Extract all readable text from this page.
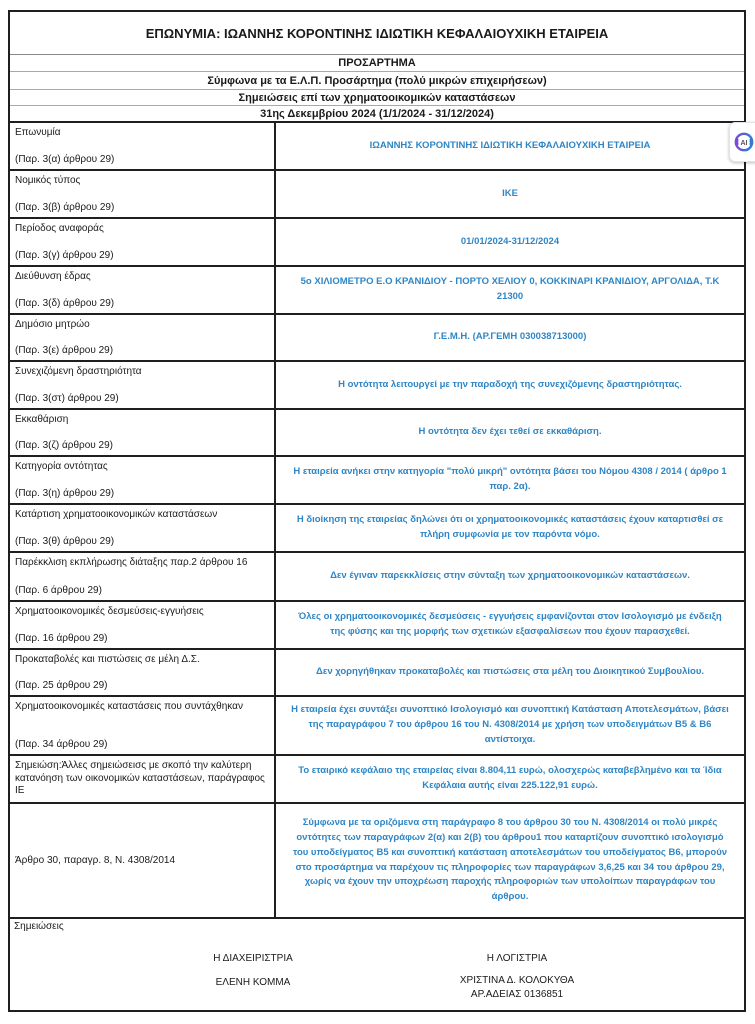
ΕΠΩΝΥΜΙΑ: ΙΩΑΝΝΗΣ ΚΟΡΟΝΤΙΝΗΣ ΙΔΙΩΤΙΚΗ ΚΕΦΑΛΑΙΟΥΧΙΚΗ ΕΤΑΙΡΕΙΑ
ΠΡΟΣΑΡΤΗΜΑ
Σύμφωνα με τα Ε.Λ.Π. Προσάρτημα (πολύ μικρών επιχειρήσεων)
Σημειώσεις επί των χρηματοοικομικών καταστάσεων
31ης Δεκεμβρίου 2024 (1/1/2024 - 31/12/2024)
Επωνυμία
(Παρ. 3(α) άρθρου 29)
ΙΩΑΝΝΗΣ ΚΟΡΟΝΤΙΝΗΣ ΙΔΙΩΤΙΚΗ ΚΕΦΑΛΑΙΟΥΧΙΚΗ ΕΤΑΙΡΕΙΑ
Νομικός τύπος
(Παρ. 3(β) άρθρου 29)
ΙΚΕ
Περίοδος αναφοράς
(Παρ. 3(γ) άρθρου 29)
01/01/2024-31/12/2024
Διεύθυνση έδρας
(Παρ. 3(δ) άρθρου 29)
5ο ΧΙΛΙΟΜΕΤΡΟ Ε.Ο ΚΡΑΝΙΔΙΟΥ - ΠΟΡΤΟ ΧΕΛΙΟΥ 0, ΚΟΚΚΙΝΑΡΙ ΚΡΑΝΙΔΙΟΥ, ΑΡΓΟΛΙΔΑ, Τ.Κ 21300
Δημόσιο μητρώο
(Παρ. 3(ε) άρθρου 29)
Γ.Ε.Μ.Η. (ΑΡ.ΓΕΜΗ 030038713000)
Συνεχιζόμενη δραστηριότητα
(Παρ. 3(στ) άρθρου 29)
Η οντότητα λειτουργεί με την παραδοχή της συνεχιζόμενης δραστηριότητας.
Εκκαθάριση
(Παρ. 3(ζ) άρθρου 29)
Η οντότητα δεν έχει τεθεί σε εκκαθάριση.
Κατηγορία οντότητας
(Παρ. 3(η) άρθρου 29)
Η εταιρεία ανήκει στην κατηγορία "πολύ μικρή" οντότητα βάσει του Νόμου 4308 / 2014 ( άρθρο 1 παρ. 2α).
Κατάρτιση χρηματοοικονομικών καταστάσεων
(Παρ. 3(θ) άρθρου 29)
Η διοίκηση της εταιρείας δηλώνει ότι οι χρηματοοικονομικές καταστάσεις έχουν καταρτισθεί σε πλήρη συμφωνία με τον παρόντα νόμο.
Παρέκκλιση εκπλήρωσης διάταξης παρ.2 άρθρου 16
(Παρ. 6 άρθρου 29)
Δεν έγιναν παρεκκλίσεις στην σύνταξη των χρηματοοικονομικών καταστάσεων.
Χρηματοοικονομικές δεσμεύσεις-εγγυήσεις
(Παρ. 16 άρθρου 29)
Όλες οι χρηματοοικονομικές δεσμεύσεις - εγγυήσεις εμφανίζονται στον Ισολογισμό με ένδειξη της φύσης και της μορφής των σχετικών εξασφαλίσεων που έχουν παρασχεθεί.
Προκαταβολές και πιστώσεις σε μέλη Δ.Σ.
(Παρ. 25 άρθρου 29)
Δεν χορηγήθηκαν προκαταβολές και πιστώσεις στα μέλη του Διοικητικού Συμβουλίου.
Χρηματοοικονομικές καταστάσεις που συντάχθηκαν
(Παρ. 34 άρθρου 29)
Η εταιρεία έχει συντάξει συνοπτικό Ισολογισμό και συνοπτική Κατάσταση Αποτελεσμάτων, βάσει της παραγράφου 7 του άρθρου 16 του Ν. 4308/2014 με χρήση των υποδειγμάτων Β5 & Β6 αντίστοιχα.
Σημειώση:Άλλες σημειώσεισς με σκοπό την καλύτερη κατανόηση των οικονομικών καταστάσεων, παράγραφος ΙΕ
Το εταιρικό κεφάλαιο της εταιρείας είναι 8.804,11 ευρώ, ολοσχερώς καταβεβλημένο και τα Ίδια Κεφάλαια αυτής είναι 225.122,91 ευρώ.
Άρθρο 30, παραγρ. 8, Ν. 4308/2014
Σύμφωνα με τα οριζόμενα στη παράγραφο 8 του άρθρου 30 του Ν. 4308/2014 οι πολύ μικρές οντότητες των παραγράφων 2(α) και 2(β) του άρθρου1 που καταρτίζουν συνοπτικό ισολογισμό του υποδείγματος Β5 και συνοπτική κατάσταση αποτελεσμάτων του υποδείγματος Β6, μπορούν στο προσάρτημα να παρέχουν τις πληροφορίες των παραγράφων 3,6,25 και 34 του άρθρου 29, χωρίς να έχουν την υποχρέωση παροχής πληροφοριών των υπολοίπων παραγράφων του άρθρου.
Σημειώσεις
Η ΔΙΑΧΕΙΡΙΣΤΡΙΑ
ΕΛΕΝΗ ΚΟΜΜΑ
Η ΛΟΓΙΣΤΡΙΑ
ΧΡΙΣΤΙΝΑ Δ. ΚΟΛΟΚΥΘΑ
ΑΡ.ΑΔΕΙΑΣ 0136851
AI
